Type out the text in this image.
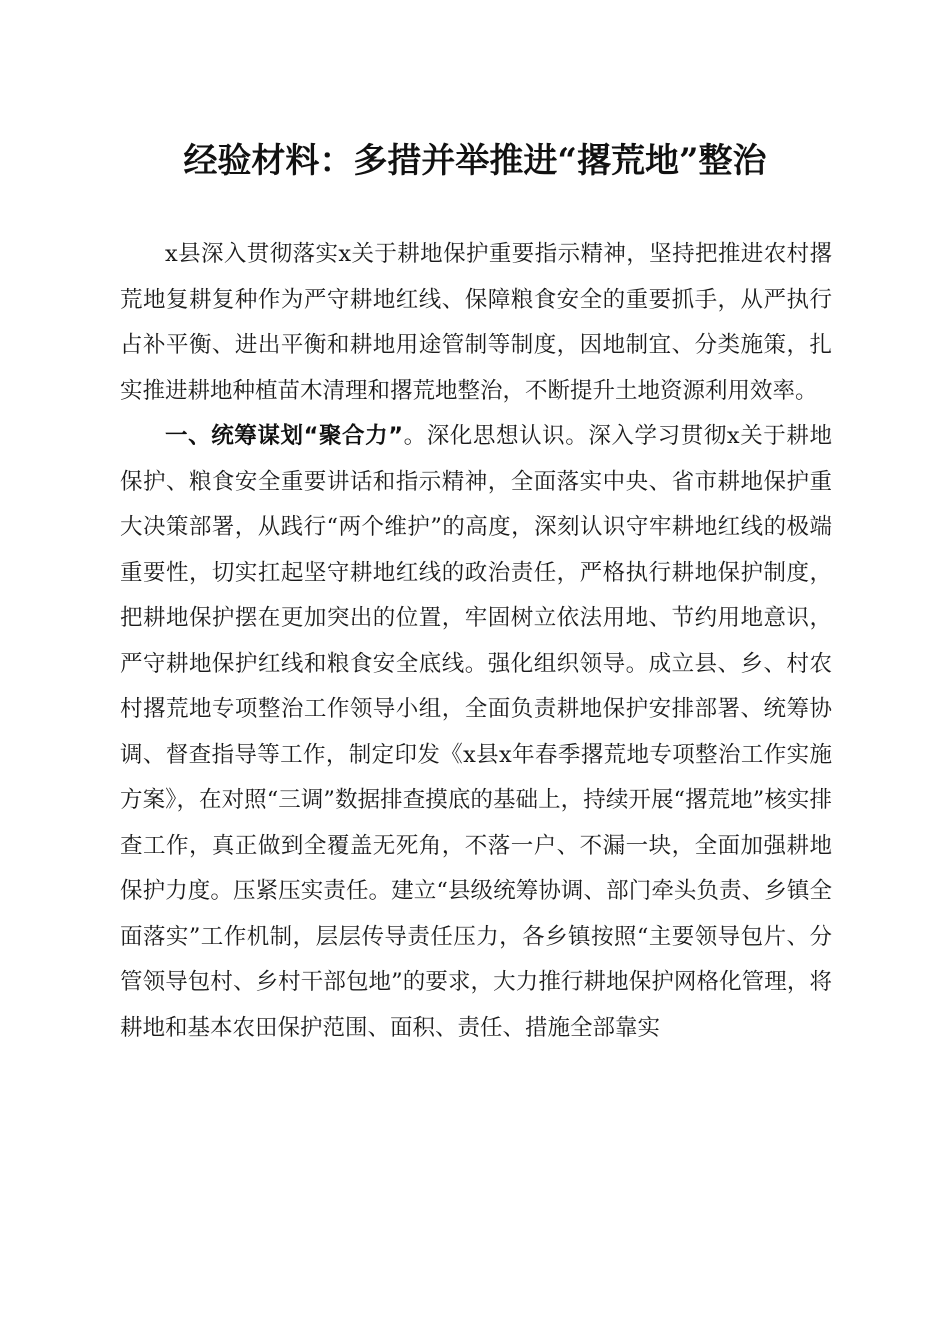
经验材料：多措并举推进“撂荒地”整治

x县深入贯彻落实x关于耕地保护重要指示精神，坚持把推进农村撂荒地复耕复种作为严守耕地红线、保障粮食安全的重要抓手，从严执行占补平衡、进出平衡和耕地用途管制等制度，因地制宜、分类施策，扎实推进耕地种植苗木清理和撂荒地整治，不断提升土地资源利用效率。

一、统筹谋划“聚合力”。深化思想认识。深入学习贯彻x关于耕地保护、粮食安全重要讲话和指示精神，全面落实中央、省市耕地保护重大决策部署，从践行“两个维护”的高度，深刻认识守牢耕地红线的极端重要性，切实扛起坚守耕地红线的政治责任，严格执行耕地保护制度，把耕地保护摆在更加突出的位置，牢固树立依法用地、节约用地意识，严守耕地保护红线和粮食安全底线。强化组织领导。成立县、乡、村农村撂荒地专项整治工作领导小组，全面负责耕地保护安排部署、统筹协调、督查指导等工作，制定印发《x县x年春季撂荒地专项整治工作实施方案》，在对照“三调”数据排查摸底的基础上，持续开展“撂荒地”核实排查工作，真正做到全覆盖无死角，不落一户、不漏一块，全面加强耕地保护力度。压紧压实责任。建立“县级统筹协调、部门牵头负责、乡镇全面落实”工作机制，层层传导责任压力，各乡镇按照“主要领导包片、分管领导包村、乡村干部包地”的要求，大力推行耕地保护网格化管理，将耕地和基本农田保护范围、面积、责任、措施全部靠实
